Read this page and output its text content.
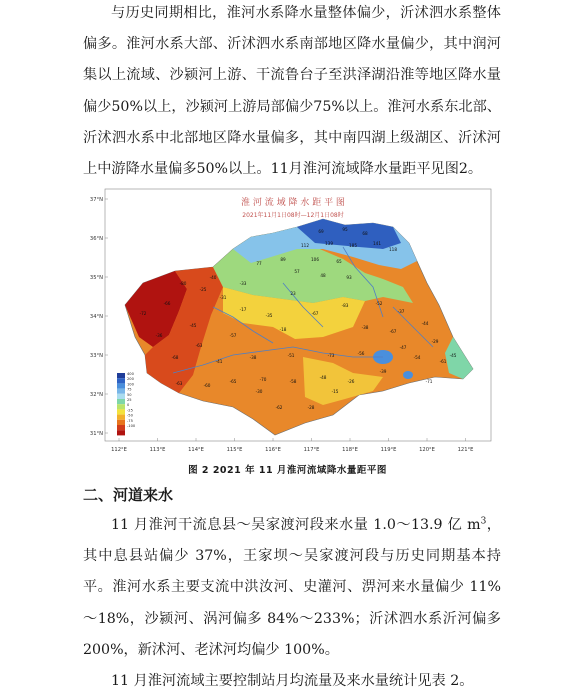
与历史同期相比，淮河水系降水量整体偏少，沂沭泗水系整体偏多。淮河水系大部、沂沭泗水系南部地区降水量偏少，其中润河集以上流域、沙颍河上游、干流鲁台子至洪泽湖沿淮等地区降水量偏少50%以上，沙颍河上游局部偏少75%以上。淮河水系东北部、沂沭泗水系中北部地区降水量偏多，其中南四湖上级湖区、沂沭河上中游降水量偏多50%以上。11月淮河流域降水量距平见图2。

淮 河 流 域 降 水 距 平 图
2021年11月1日08时—12月1日08时
37°N
36°N
35°N
34°N
33°N
32°N
31°N
112°E	113°E	114°E	115°E	116°E	117°E	118°E	119°E	120°E	121°E
400
200
100
75
50
25
0
-25
-50
-75
-100
69	95
68
112	139	185	141
118
89
77
106	65
57
48	93
-31
-25
23
-17
-35	-67
-83	-52
-37
-44
-18
-57
-63
-68
-41
-38	-51	-73	-56
-47
-29
-63	-60
-65	-70	-58
-48
-26
-39
-54
-61
-45
-36
-72
-66
-80
-40
-33
-28
-62
-15
-38
-67
-71
-45
-30
图 2 2021 年 11 月淮河流域降水量距平图
二、河道来水

11 月淮河干流息县～吴家渡河段来水量 1.0～13.9 亿 $m^3$，其中息县站偏少 37%，王家坝～吴家渡河段与历史同期基本持平。淮河水系主要支流中洪汝河、史灌河、淠河来水量偏少 11%～18%，沙颍河、涡河偏多 84%～233%；沂沭泗水系沂河偏多 200%，新沭河、老沭河均偏少 100%。

11 月淮河流域主要控制站月均流量及来水量统计见表 2。
